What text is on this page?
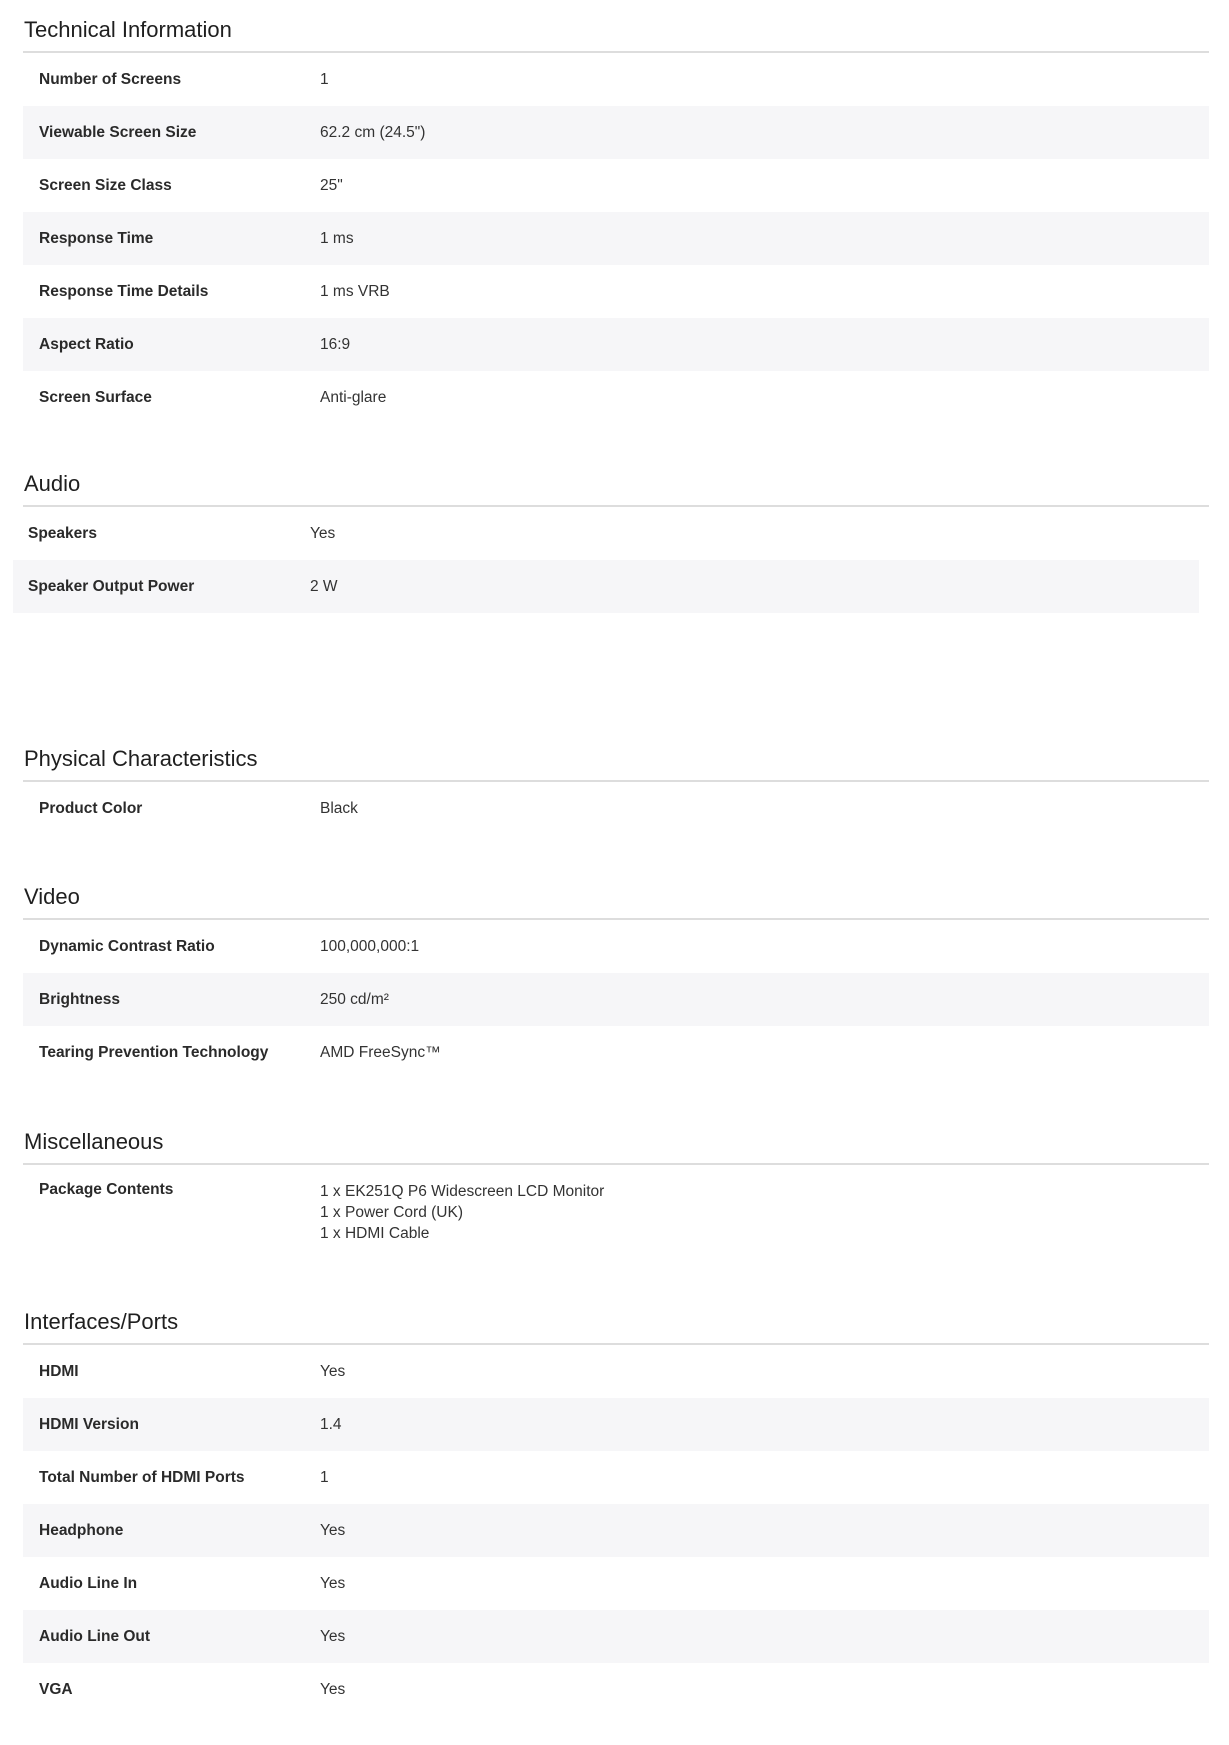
Technical Information
Number of Screens	1
Viewable Screen Size	62.2 cm (24.5")
Screen Size Class	25"
Response Time	1 ms
Response Time Details	1 ms VRB
Aspect Ratio	16:9
Screen Surface	Anti-glare
Audio
Speakers	Yes
Speaker Output Power	2 W
Physical Characteristics
Product Color	Black
Video
Dynamic Contrast Ratio	100,000,000:1
Brightness	250 cd/m²
Tearing Prevention Technology	AMD FreeSync™
Miscellaneous
Package Contents	1 x EK251Q P6 Widescreen LCD Monitor
1 x Power Cord (UK)
1 x HDMI Cable
Interfaces/Ports
HDMI	Yes
HDMI Version	1.4
Total Number of HDMI Ports	1
Headphone	Yes
Audio Line In	Yes
Audio Line Out	Yes
VGA	Yes
